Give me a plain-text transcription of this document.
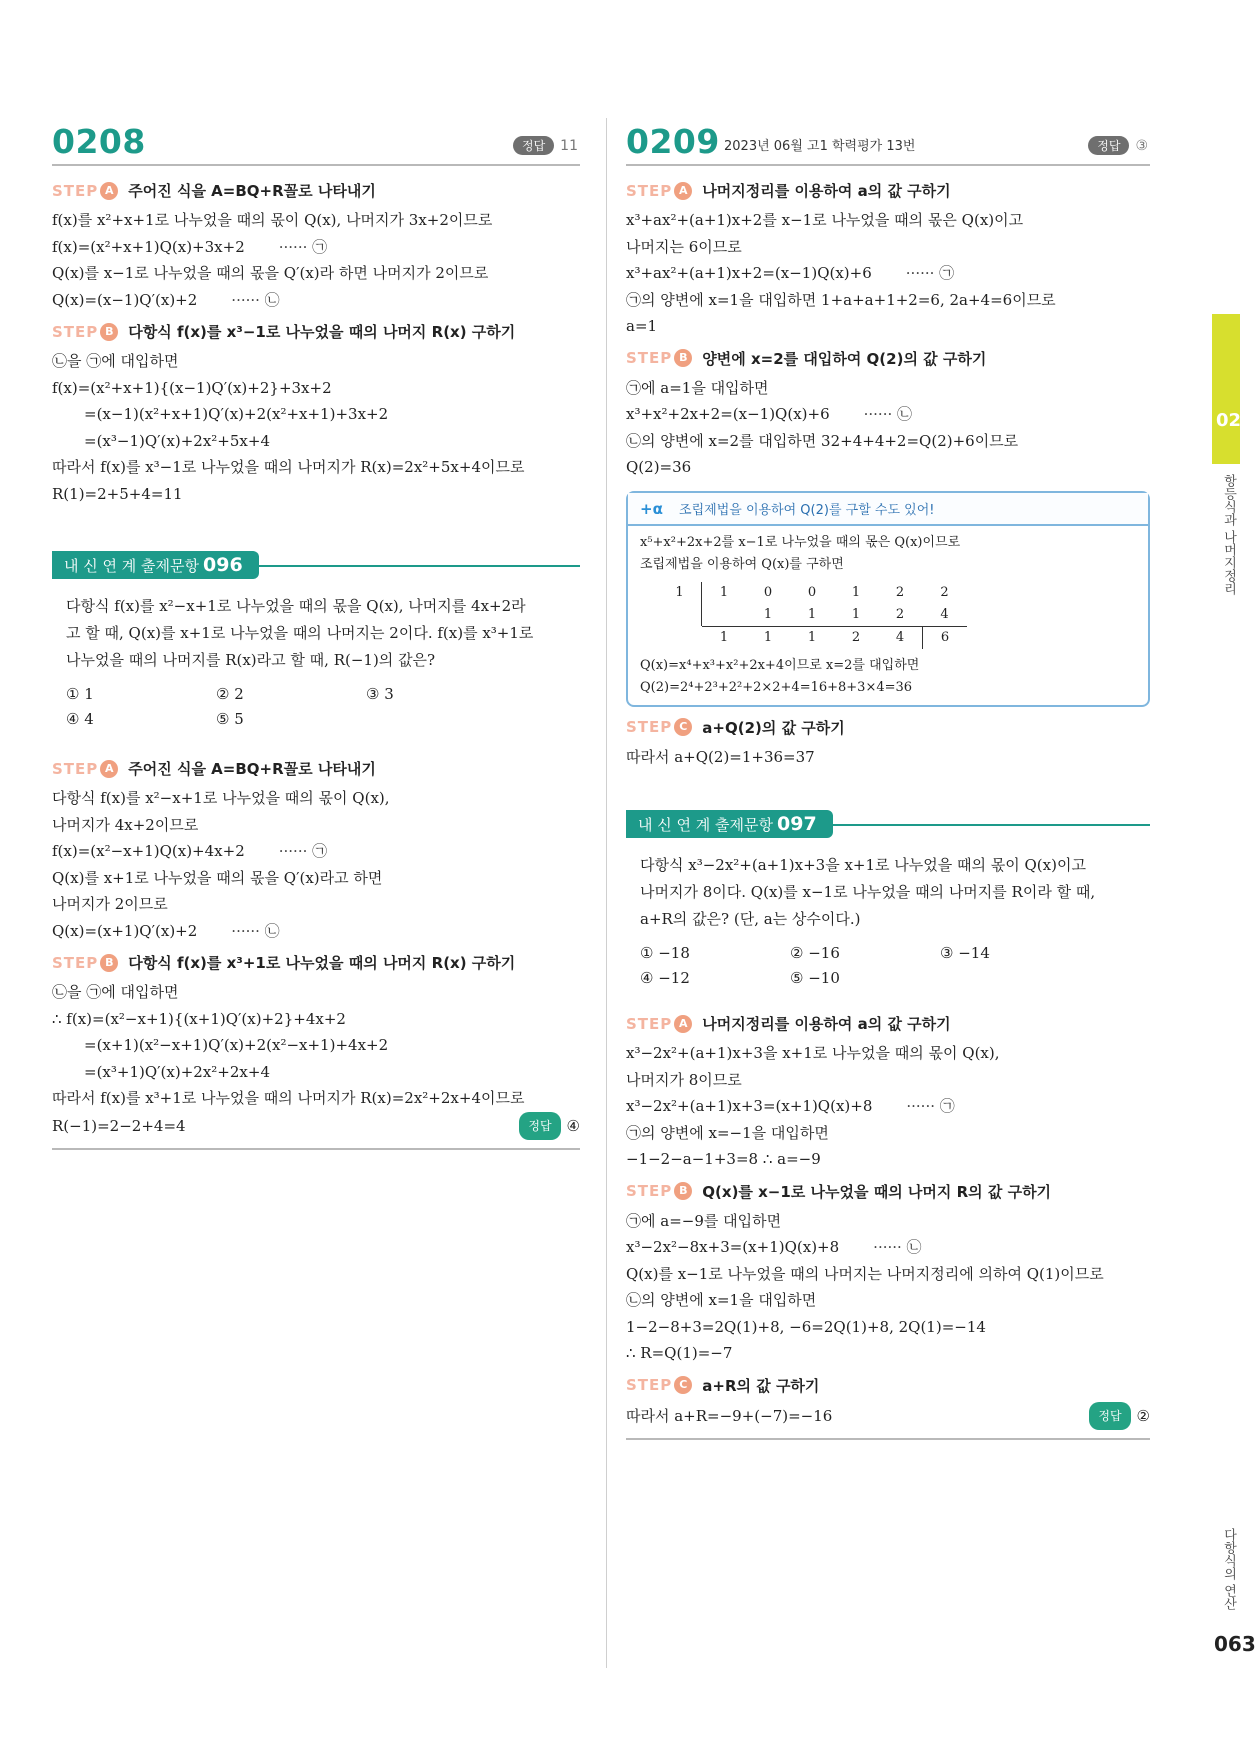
0208	정답	11
STEP A 주어진 식을 A=BQ+R꼴로 나타내기
f(x)를 x²+x+1로 나누었을 때의 몫이 Q(x), 나머지가 3x+2이므로
f(x)=(x²+x+1)Q(x)+3x+2 ······ ㉠
Q(x)를 x−1로 나누었을 때의 몫을 Q′(x)라 하면 나머지가 2이므로
Q(x)=(x−1)Q′(x)+2 ······ ㉡
STEP B 다항식 f(x)를 x³−1로 나누었을 때의 나머지 R(x) 구하기
㉡을 ㉠에 대입하면
f(x)=(x²+x+1){(x−1)Q′(x)+2}+3x+2
=(x−1)(x²+x+1)Q′(x)+2(x²+x+1)+3x+2
=(x³−1)Q′(x)+2x²+5x+4
따라서 f(x)를 x³−1로 나누었을 때의 나머지가 R(x)=2x²+5x+4이므로
R(1)=2+5+4=11
내 신 연 계 출제문항 096
다항식 f(x)를 x²−x+1로 나누었을 때의 몫을 Q(x), 나머지를 4x+2라
고 할 때, Q(x)를 x+1로 나누었을 때의 나머지는 2이다. f(x)를 x³+1로
나누었을 때의 나머지를 R(x)라고 할 때, R(−1)의 값은?
① 1	② 2	③ 3
④ 4	⑤ 5
STEP A 주어진 식을 A=BQ+R꼴로 나타내기
다항식 f(x)를 x²−x+1로 나누었을 때의 몫이 Q(x),
나머지가 4x+2이므로
f(x)=(x²−x+1)Q(x)+4x+2 ······ ㉠
Q(x)를 x+1로 나누었을 때의 몫을 Q′(x)라고 하면
나머지가 2이므로
Q(x)=(x+1)Q′(x)+2 ······ ㉡
STEP B 다항식 f(x)를 x³+1로 나누었을 때의 나머지 R(x) 구하기
㉡을 ㉠에 대입하면
∴ f(x)=(x²−x+1){(x+1)Q′(x)+2}+4x+2
=(x+1)(x²−x+1)Q′(x)+2(x²−x+1)+4x+2
=(x³+1)Q′(x)+2x²+2x+4
따라서 f(x)를 x³+1로 나누었을 때의 나머지가 R(x)=2x²+2x+4이므로
R(−1)=2−2+4=4	정답	④
0209 2023년 06월 고1 학력평가 13번	정답	③
STEP A 나머지정리를 이용하여 a의 값 구하기
x³+ax²+(a+1)x+2를 x−1로 나누었을 때의 몫은 Q(x)이고
나머지는 6이므로
x³+ax²+(a+1)x+2=(x−1)Q(x)+6 ······ ㉠
㉠의 양변에 x=1을 대입하면 1+a+a+1+2=6, 2a+4=6이므로
a=1
STEP B 양변에 x=2를 대입하여 Q(2)의 값 구하기
㉠에 a=1을 대입하면
x³+x²+2x+2=(x−1)Q(x)+6 ······ ㉡
㉡의 양변에 x=2를 대입하면 32+4+4+2=Q(2)+6이므로
Q(2)=36
+α 조립제법을 이용하여 Q(2)를 구할 수도 있어!
x⁵+x²+2x+2를 x−1로 나누었을 때의 몫은 Q(x)이므로
조립제법을 이용하여 Q(x)를 구하면
1	1	0	0	1	2	2
		1	1	1	2	4
	1	1	1	2	4	6
Q(x)=x⁴+x³+x²+2x+4이므로 x=2를 대입하면
Q(2)=2⁴+2³+2²+2×2+4=16+8+3×4=36
STEP C a+Q(2)의 값 구하기
따라서 a+Q(2)=1+36=37
내 신 연 계 출제문항 097
다항식 x³−2x²+(a+1)x+3을 x+1로 나누었을 때의 몫이 Q(x)이고
나머지가 8이다. Q(x)를 x−1로 나누었을 때의 나머지를 R이라 할 때,
a+R의 값은? (단, a는 상수이다.)
① −18	② −16	③ −14
④ −12	⑤ −10
STEP A 나머지정리를 이용하여 a의 값 구하기
x³−2x²+(a+1)x+3을 x+1로 나누었을 때의 몫이 Q(x),
나머지가 8이므로
x³−2x²+(a+1)x+3=(x+1)Q(x)+8 ······ ㉠
㉠의 양변에 x=−1을 대입하면
−1−2−a−1+3=8 ∴ a=−9
STEP B Q(x)를 x−1로 나누었을 때의 나머지 R의 값 구하기
㉠에 a=−9를 대입하면
x³−2x²−8x+3=(x+1)Q(x)+8 ······ ㉡
Q(x)를 x−1로 나누었을 때의 나머지는 나머지정리에 의하여 Q(1)이므로
㉡의 양변에 x=1을 대입하면
1−2−8+3=2Q(1)+8, −6=2Q(1)+8, 2Q(1)=−14
∴ R=Q(1)=−7
STEP C a+R의 값 구하기
따라서 a+R=−9+(−7)=−16	정답	②
02
항등식과 나머지정리
다항식의 연산
063
